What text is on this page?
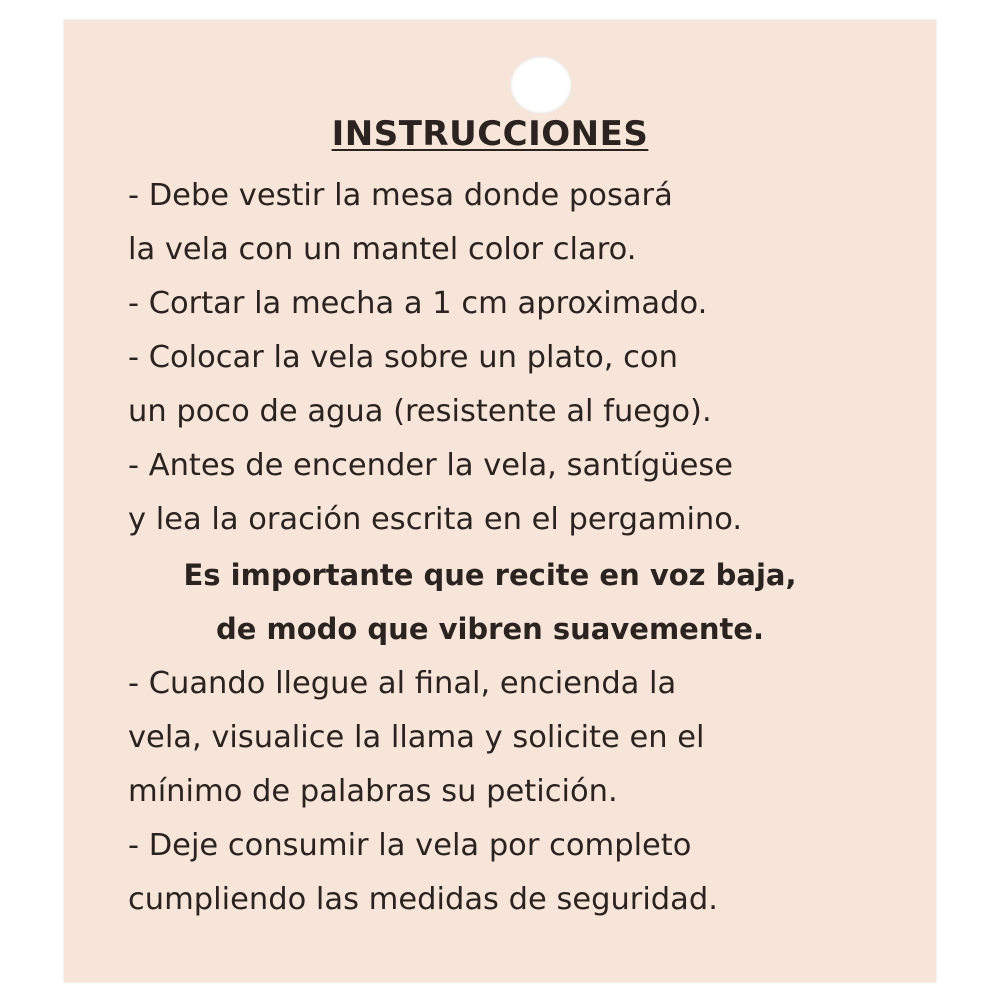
INSTRUCCIONES
- Debe vestir la mesa donde posará
la vela con un mantel color claro.
- Cortar la mecha a 1 cm aproximado.
- Colocar la vela sobre un plato, con
un poco de agua (resistente al fuego).
- Antes de encender la vela, santígüese
y lea la oración escrita en el pergamino.
Es importante que recite en voz baja,
de modo que vibren suavemente.
- Cuando llegue al final, encienda la
vela, visualice la llama y solicite en el
mínimo de palabras su petición.
- Deje consumir la vela por completo
cumpliendo las medidas de seguridad.
